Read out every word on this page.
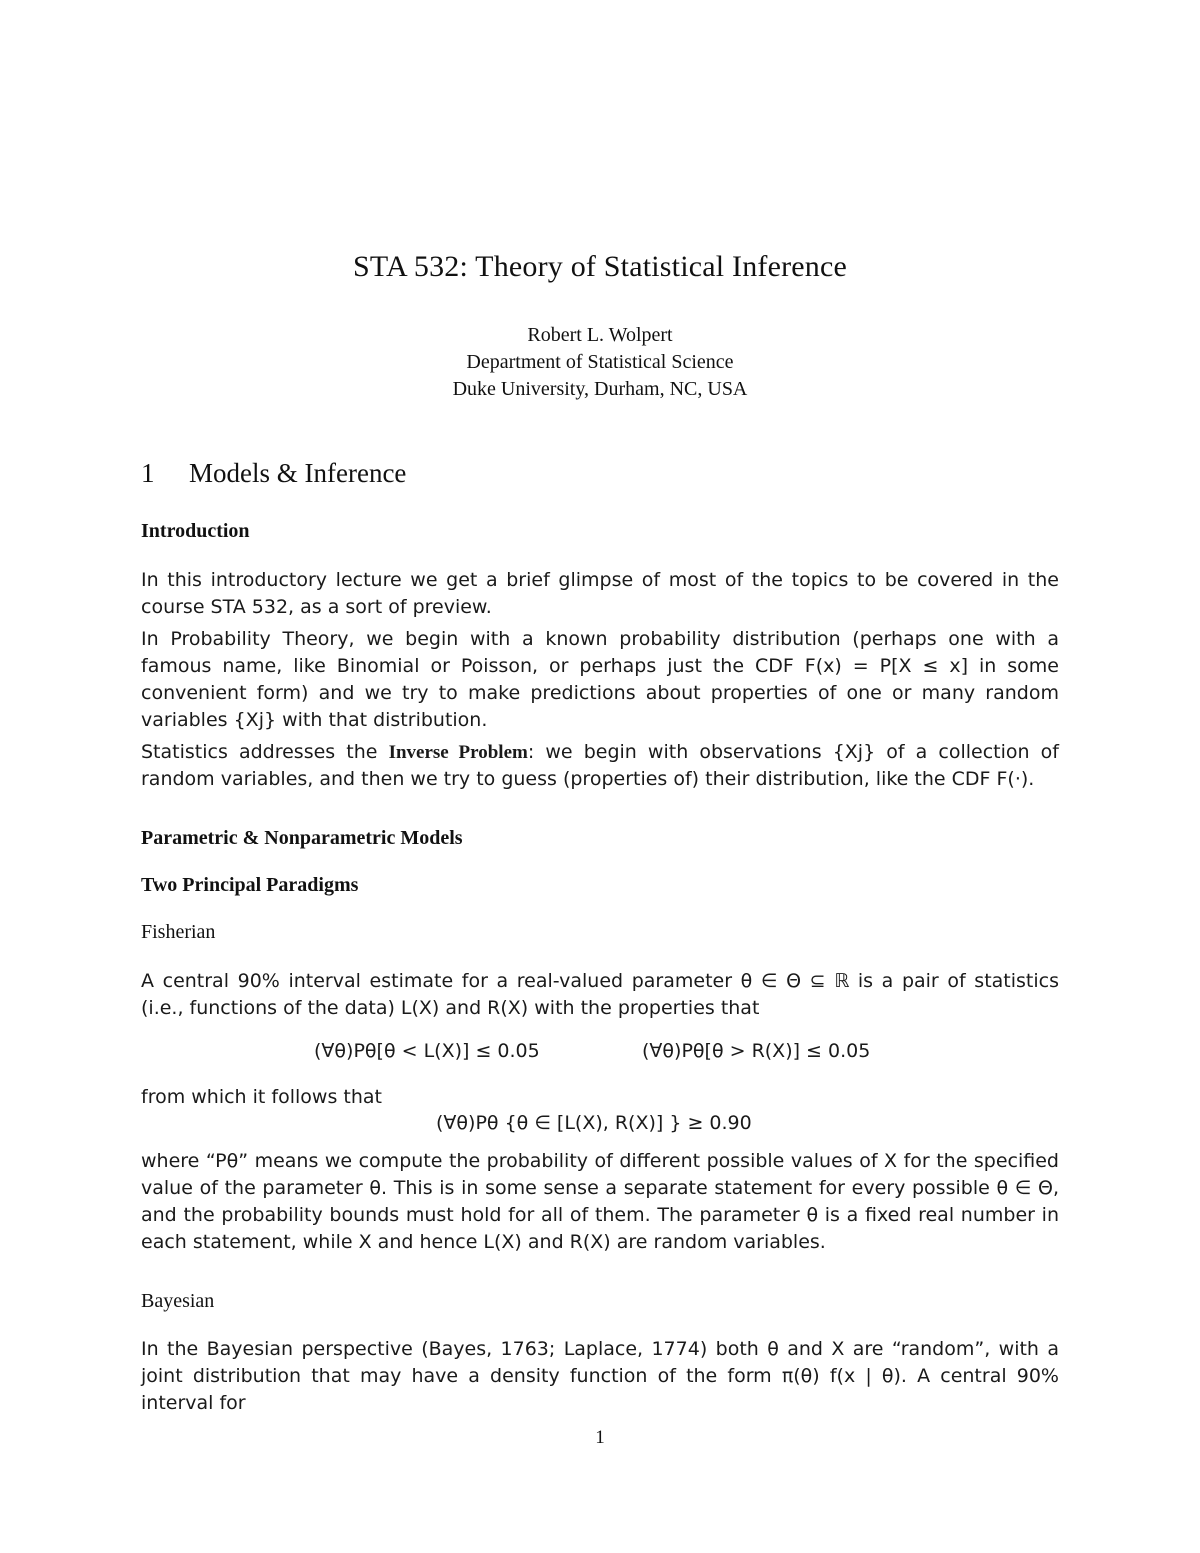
STA 532: Theory of Statistical Inference
Robert L. Wolpert
Department of Statistical Science
Duke University, Durham, NC, USA
1 Models & Inference
Introduction
In this introductory lecture we get a brief glimpse of most of the topics to be covered in the course STA 532, as a sort of preview.
In Probability Theory, we begin with a known probability distribution (perhaps one with a famous name, like Binomial or Poisson, or perhaps just the CDF F(x) = P[X ≤ x] in some convenient form) and we try to make predictions about properties of one or many random variables {Xj} with that distribution.
Statistics addresses the Inverse Problem: we begin with observations {Xj} of a collection of random variables, and then we try to guess (properties of) their distribution, like the CDF F(·).
Parametric & Nonparametric Models
Two Principal Paradigms
Fisherian
A central 90% interval estimate for a real-valued parameter θ ∈ Θ ⊆ ℝ is a pair of statistics (i.e., functions of the data) L(X) and R(X) with the properties that
(∀θ)Pθ[θ < L(X)] ≤ 0.05	(∀θ)Pθ[θ > R(X)] ≤ 0.05
from which it follows that
(∀θ)Pθ {θ ∈ [L(X), R(X)] } ≥ 0.90
where “Pθ” means we compute the probability of different possible values of X for the specified value of the parameter θ. This is in some sense a separate statement for every possible θ ∈ Θ, and the probability bounds must hold for all of them. The parameter θ is a fixed real number in each statement, while X and hence L(X) and R(X) are random variables.
Bayesian
In the Bayesian perspective (Bayes, 1763; Laplace, 1774) both θ and X are “random”, with a joint distribution that may have a density function of the form π(θ) f(x | θ). A central 90% interval for
1
